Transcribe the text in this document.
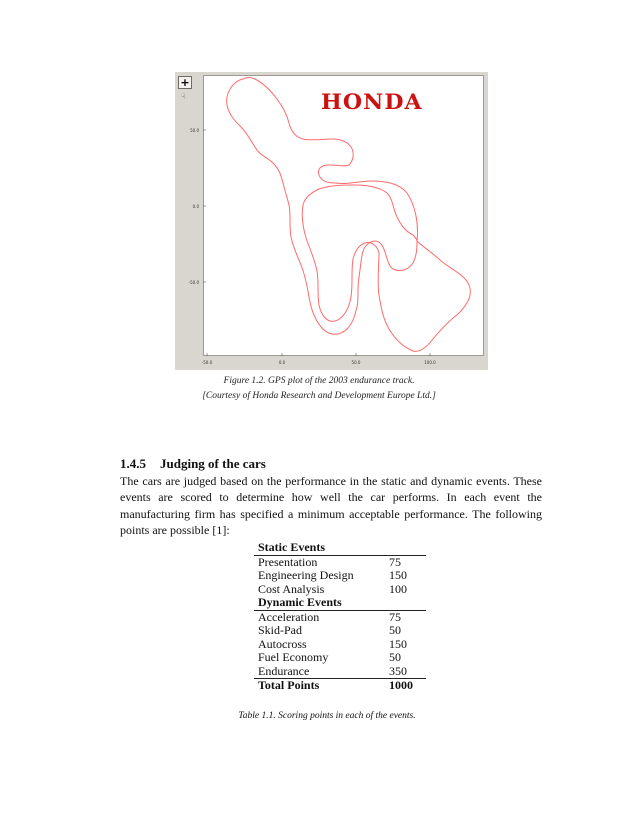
+
☞
50.0
0.0
-50.0
-50.0	0.0	50.0	100.0
HONDA
Figure 1.2. GPS plot of the 2003 endurance track.
[Courtesy of Honda Research and Development Europe Ltd.]
1.4.5 Judging of the cars
The cars are judged based on the performance in the static and dynamic events. These events are scored to determine how well the car performs. In each event the manufacturing firm has specified a minimum acceptable performance. The following points are possible [1]:
Static Events	
Presentation	75
Engineering Design	150
Cost Analysis	100
Dynamic Events	
Acceleration	75
Skid-Pad	50
Autocross	150
Fuel Economy	50
Endurance	350
Total Points	1000
Table 1.1. Scoring points in each of the events.
